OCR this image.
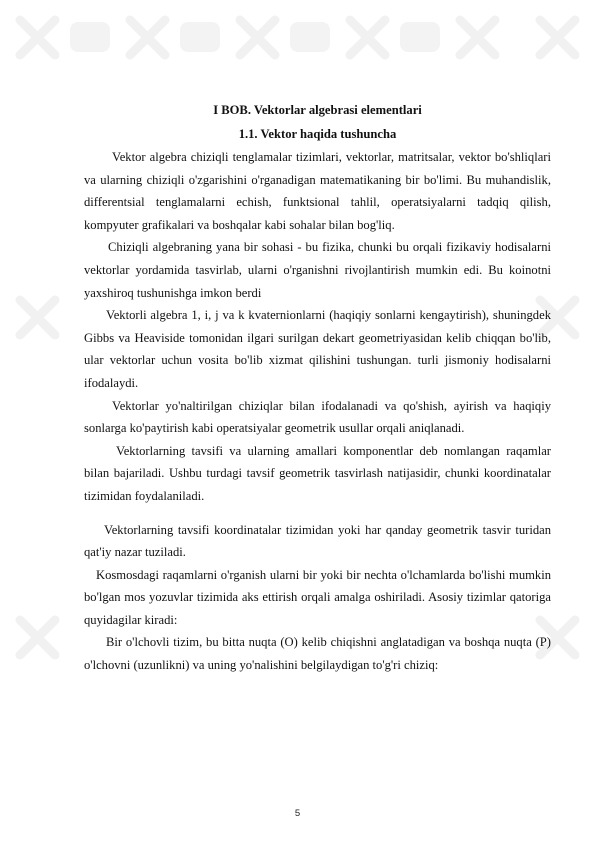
I BOB. Vektorlar algebrasi elementlari

1.1. Vektor haqida tushuncha

Vektor algebra chiziqli tenglamalar tizimlari, vektorlar, matritsalar, vektor bo'shliqlari va ularning chiziqli o'zgarishini o'rganadigan matematikaning bir bo'limi. Bu muhandislik, differentsial tenglamalarni echish, funktsional tahlil, operatsiyalarni tadqiq qilish, kompyuter grafikalari va boshqalar kabi sohalar bilan bog'liq.

Chiziqli algebraning yana bir sohasi - bu fizika, chunki bu orqali fizikaviy hodisalarni vektorlar yordamida tasvirlab, ularni o'rganishni rivojlantirish mumkin edi. Bu koinotni yaxshiroq tushunishga imkon berdi

Vektorli algebra 1, i, j va k kvaternionlarni (haqiqiy sonlarni kengaytirish), shuningdek Gibbs va Heaviside tomonidan ilgari surilgan dekart geometriyasidan kelib chiqqan bo'lib, ular vektorlar uchun vosita bo'lib xizmat qilishini tushungan. turli jismoniy hodisalarni ifodalaydi.

Vektorlar yo'naltirilgan chiziqlar bilan ifodalanadi va qo'shish, ayirish va haqiqiy sonlarga ko'paytirish kabi operatsiyalar geometrik usullar orqali aniqlanadi.

Vektorlarning tavsifi va ularning amallari komponentlar deb nomlangan raqamlar bilan bajariladi. Ushbu turdagi tavsif geometrik tasvirlash natijasidir, chunki koordinatalar tizimidan foydalaniladi.

Vektorlarning tavsifi koordinatalar tizimidan yoki har qanday geometrik tasvir turidan qat'iy nazar tuziladi.

Kosmosdagi raqamlarni o'rganish ularni bir yoki bir nechta o'lchamlarda bo'lishi mumkin bo'lgan mos yozuvlar tizimida aks ettirish orqali amalga oshiriladi. Asosiy tizimlar qatoriga quyidagilar kiradi:

Bir o'lchovli tizim, bu bitta nuqta (O) kelib chiqishni anglatadigan va boshqa nuqta (P) o'lchovni (uzunlikni) va uning yo'nalishini belgilaydigan to'g'ri chiziq:

5
